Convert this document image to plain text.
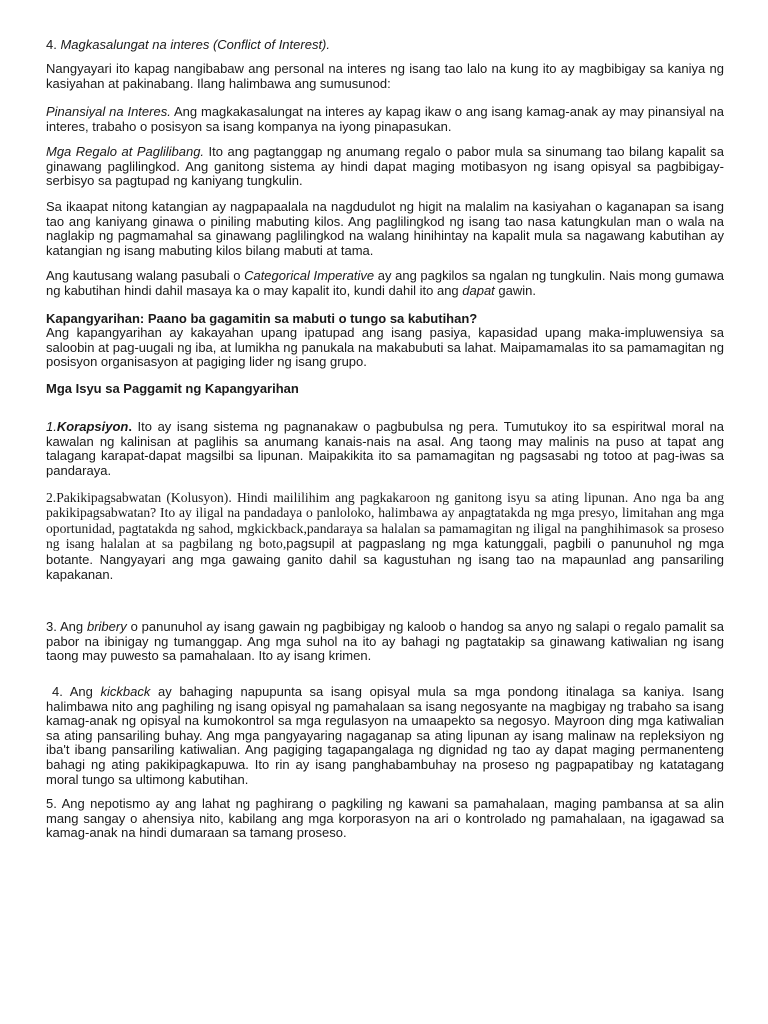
4. Magkasalungat na interes (Conflict of Interest).

Nangyayari ito kapag nangibabaw ang personal na interes ng isang tao lalo na kung ito ay magbibigay sa kaniya ng kasiyahan at pakinabang. Ilang halimbawa ang sumusunod:

Pinansiyal na Interes. Ang magkakasalungat na interes ay kapag ikaw o ang isang kamag-anak ay may pinansiyal na interes, trabaho o posisyon sa isang kompanya na iyong pinapasukan.

Mga Regalo at Paglilibang. Ito ang pagtanggap ng anumang regalo o pabor mula sa sinumang tao bilang kapalit sa ginawang paglilingkod. Ang ganitong sistema ay hindi dapat maging motibasyon ng isang opisyal sa pagbibigay-serbisyo sa pagtupad ng kaniyang tungkulin.

Sa ikaapat nitong katangian ay nagpapaalala na nagdudulot ng higit na malalim na kasiyahan o kaganapan sa isang tao ang kaniyang ginawa o piniling mabuting kilos. Ang paglilingkod ng isang tao nasa katungkulan man o wala na naglakip ng pagmamahal sa ginawang paglilingkod na walang hinihintay na kapalit mula sa nagawang kabutihan ay katangian ng isang mabuting kilos bilang mabuti at tama.

Ang kautusang walang pasubali o Categorical Imperative ay ang pagkilos sa ngalan ng tungkulin. Nais mong gumawa ng kabutihan hindi dahil masaya ka o may kapalit ito, kundi dahil ito ang dapat gawin.

Kapangyarihan: Paano ba gagamitin sa mabuti o tungo sa kabutihan?

Ang kapangyarihan ay kakayahan upang ipatupad ang isang pasiya, kapasidad upang maka-impluwensiya sa saloobin at pag-uugali ng iba, at lumikha ng panukala na makabubuti sa lahat. Maipamamalas ito sa pamamagitan ng posisyon organisasyon at pagiging lider ng isang grupo.

Mga Isyu sa Paggamit ng Kapangyarihan

1.Korapsiyon. Ito ay isang sistema ng pagnanakaw o pagbubulsa ng pera. Tumutukoy ito sa espiritwal moral na kawalan ng kalinisan at paglihis sa anumang kanais-nais na asal. Ang taong may malinis na puso at tapat ang talagang karapat-dapat magsilbi sa lipunan. Maipakikita ito sa pamamagitan ng pagsasabi ng totoo at pag-iwas sa pandaraya.

2.Pakikipagsabwatan (Kolusyon). Hindi maililihim ang pagkakaroon ng ganitong isyu sa ating lipunan. Ano nga ba ang pakikipagsabwatan? Ito ay iligal na pandadaya o panloloko, halimbawa ay anpagtatakda ng mga presyo, limitahan ang mga oportunidad, pagtatakda ng sahod, mgkickback,pandaraya sa halalan sa pamamagitan ng iligal na panghihimasok sa proseso ng isang halalan at sa pagbilang ng boto,pagsupil at pagpaslang ng mga katunggali, pagbili o panunuhol ng mga botante. Nangyayari ang mga gawaing ganito dahil sa kagustuhan ng isang tao na mapaunlad ang pansariling kapakanan.

3. Ang bribery o panunuhol ay isang gawain ng pagbibigay ng kaloob o handog sa anyo ng salapi o regalo pamalit sa pabor na ibinigay ng tumanggap. Ang mga suhol na ito ay bahagi ng pagtatakip sa ginawang katiwalian ng isang taong may puwesto sa pamahalaan. Ito ay isang krimen.

4. Ang kickback ay bahaging napupunta sa isang opisyal mula sa mga pondong itinalaga sa kaniya. Isang halimbawa nito ang paghiling ng isang opisyal ng pamahalaan sa isang negosyante na magbigay ng trabaho sa isang kamag-anak ng opisyal na kumokontrol sa mga regulasyon na umaapekto sa negosyo. Mayroon ding mga katiwalian sa ating pansariling buhay. Ang mga pangyayaring nagaganap sa ating lipunan ay isang malinaw na repleksiyon ng iba't ibang pansariling katiwalian. Ang pagiging tagapangalaga ng dignidad ng tao ay dapat maging permanenteng bahagi ng ating pakikipagkapuwa. Ito rin ay isang panghabambuhay na proseso ng pagpapatibay ng katatagang moral tungo sa ultimong kabutihan.

5. Ang nepotismo ay ang lahat ng paghirang o pagkiling ng kawani sa pamahalaan, maging pambansa at sa alin mang sangay o ahensiya nito, kabilang ang mga korporasyon na ari o kontrolado ng pamahalaan, na igagawad sa kamag-anak na hindi dumaraan sa tamang proseso.
